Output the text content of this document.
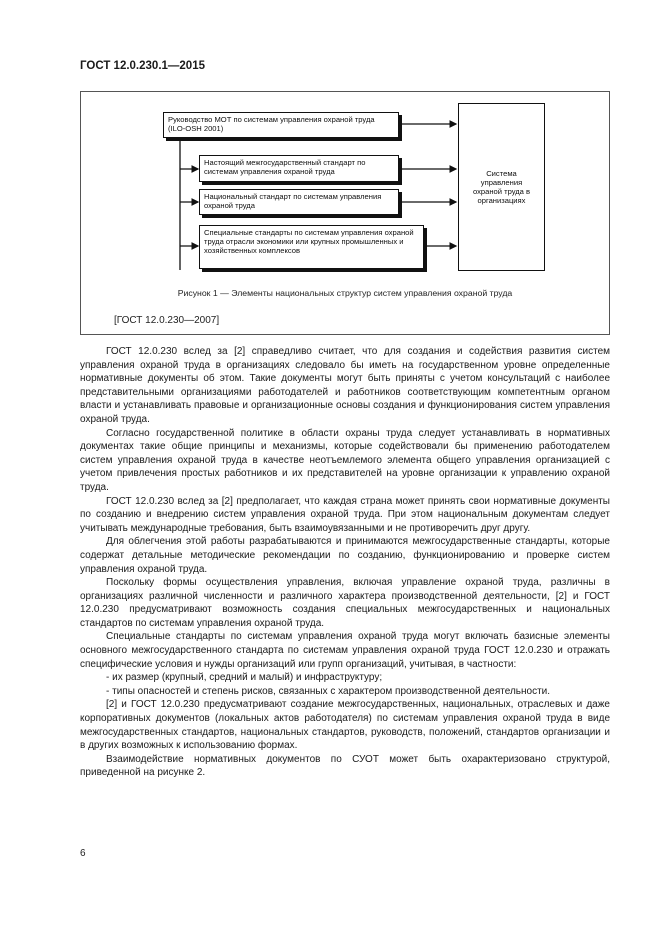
ГОСТ 12.0.230.1—2015
Руководство МОТ по системам управления охраной труда (ILO-OSH 2001)
Настоящий межгосударственный стандарт по системам управления охраной труда
Национальный стандарт по системам управления охраной труда
Специальные стандарты по системам управления охраной труда отрасли экономики или крупных промышленных и хозяйственных комплексов
Система управления охраной труда в организациях
Рисунок 1 — Элементы национальных структур систем управления охраной труда
[ГОСТ 12.0.230—2007]

ГОСТ 12.0.230 вслед за [2] справедливо считает, что для создания и содействия развития систем управления охраной труда в организациях следовало бы иметь на государственном уровне определенные нормативные документы об этом. Такие документы могут быть приняты с учетом консультаций с наиболее представительными организациями работодателей и работников соответствующим компетентным органом власти и устанавливать правовые и организационные основы создания и функционирования систем управления охраной труда.

Согласно государственной политике в области охраны труда следует устанавливать в нормативных документах такие общие принципы и механизмы, которые содействовали бы применению работодателем систем управления охраной труда в качестве неотъемлемого элемента общего управления организацией с учетом привлечения простых работников и их представителей на уровне организации к управлению охраной труда.

ГОСТ 12.0.230 вслед за [2] предполагает, что каждая страна может принять свои нормативные документы по созданию и внедрению систем управления охраной труда. При этом национальным документам следует учитывать международные требования, быть взаимоувязанными и не противоречить друг другу.

Для облегчения этой работы разрабатываются и принимаются межгосударственные стандарты, которые содержат детальные методические рекомендации по созданию, функционированию и проверке систем управления охраной труда.

Поскольку формы осуществления управления, включая управление охраной труда, различны в организациях различной численности и различного характера производственной деятельности, [2] и ГОСТ 12.0.230 предусматривают возможность создания специальных межгосударственных и национальных стандартов по системам управления охраной труда.

Специальные стандарты по системам управления охраной труда могут включать базисные элементы основного межгосударственного стандарта по системам управления охраной труда ГОСТ 12.0.230 и отражать специфические условия и нужды организаций или групп организаций, учитывая, в частности:

- их размер (крупный, средний и малый) и инфраструктуру;

- типы опасностей и степень рисков, связанных с характером производственной деятельности.

[2] и ГОСТ 12.0.230 предусматривают создание межгосударственных, национальных, отраслевых и даже корпоративных документов (локальных актов работодателя) по системам управления охраной труда в виде межгосударственных стандартов, национальных стандартов, руководств, положений, стандартов организации и в других возможных к использованию формах.

Взаимодействие нормативных документов по СУОТ может быть охарактеризовано структурой, приведенной на рисунке 2.

6
